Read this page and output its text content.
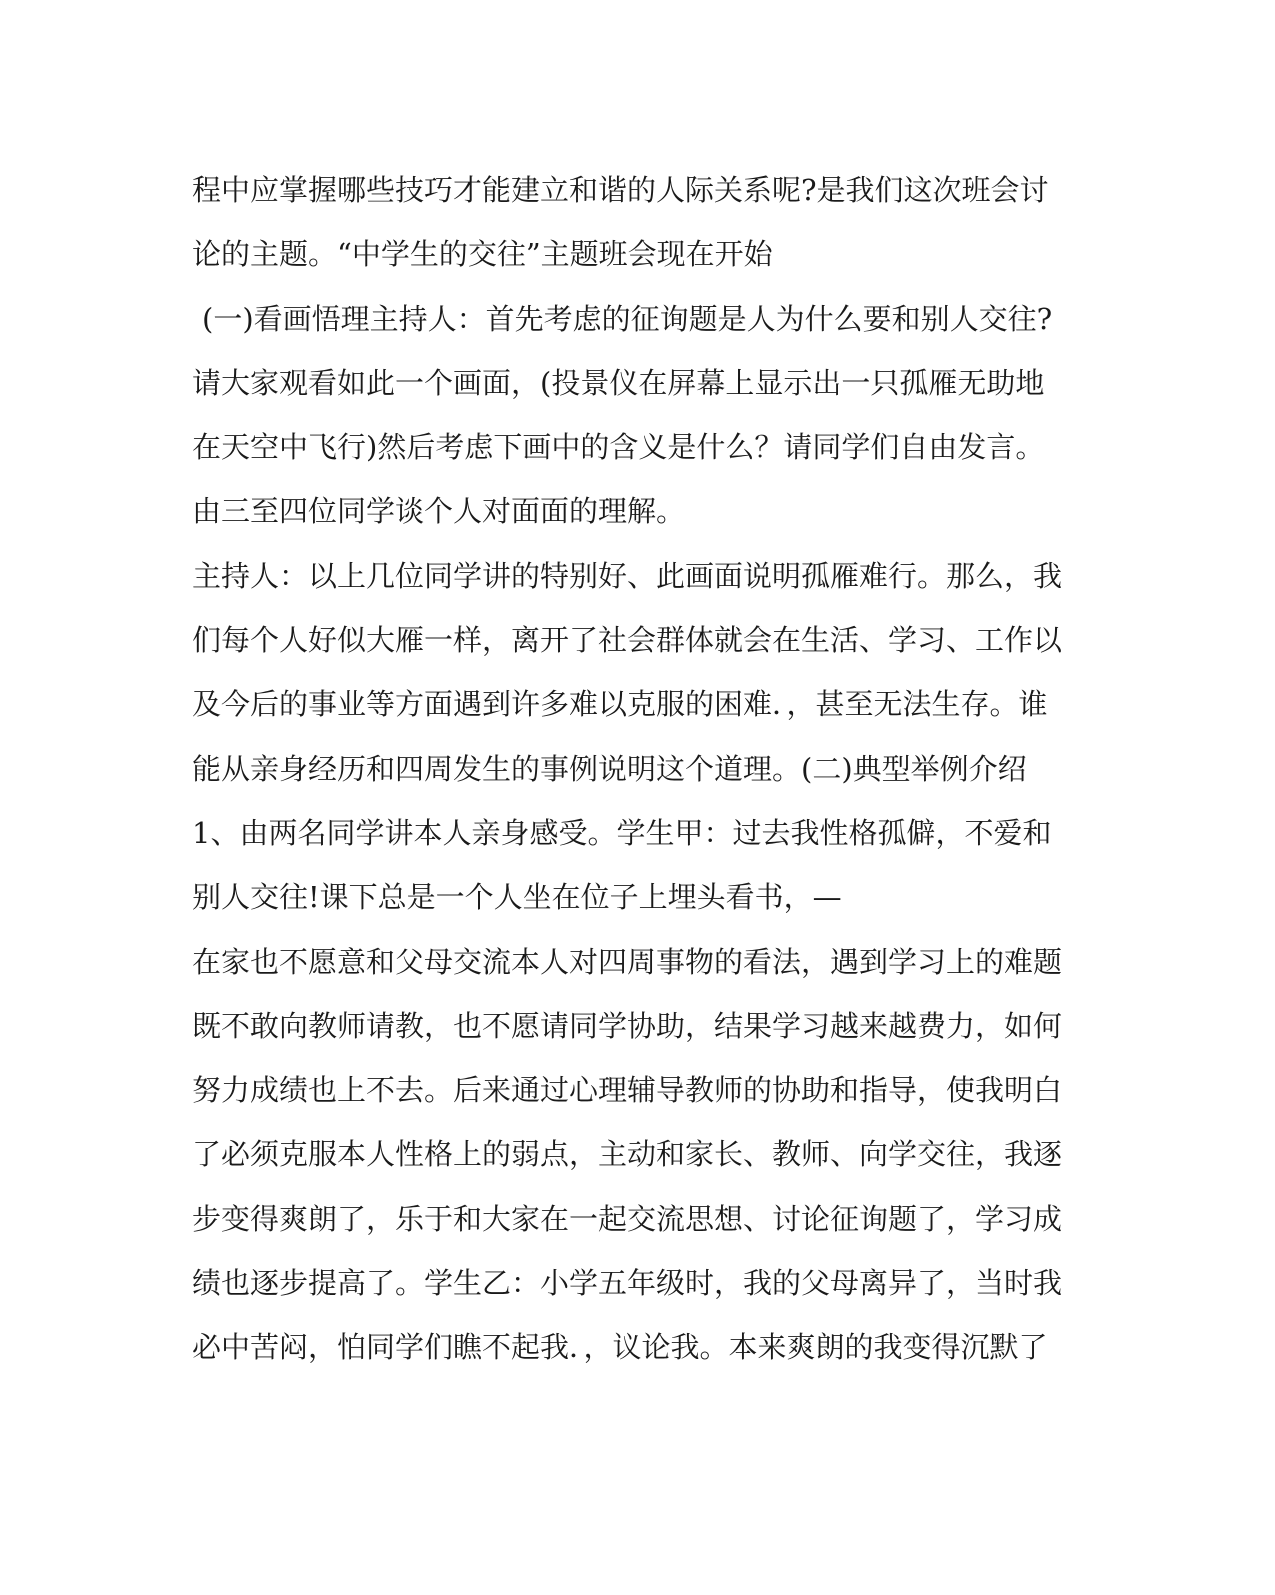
程中应掌握哪些技巧才能建立和谐的人际关系呢?是我们这次班会讨
论的主题。“中学生的交往”主题班会现在开始
(一)看画悟理主持人：首先考虑的征询题是人为什么要和别人交往?
请大家观看如此一个画面，(投景仪在屏幕上显示出一只孤雁无助地
在天空中飞行)然后考虑下画中的含义是什么？请同学们自由发言。
由三至四位同学谈个人对面面的理解。
主持人：以上几位同学讲的特别好、此画面说明孤雁难行。那么，我
们每个人好似大雁一样，离开了社会群体就会在生活、学习、工作以
及今后的事业等方面遇到许多难以克服的困难．，甚至无法生存。谁
能从亲身经历和四周发生的事例说明这个道理。(二)典型举例介绍
1、由两名同学讲本人亲身感受。学生甲：过去我性格孤僻，不爱和
别人交往!课下总是一个人坐在位子上埋头看书，—
在家也不愿意和父母交流本人对四周事物的看法，遇到学习上的难题
既不敢向教师请教，也不愿请同学协助，结果学习越来越费力，如何
努力成绩也上不去。后来通过心理辅导教师的协助和指导，使我明白
了必须克服本人性格上的弱点，主动和家长、教师、向学交往，我逐
步变得爽朗了，乐于和大家在一起交流思想、讨论征询题了，学习成
绩也逐步提高了。学生乙：小学五年级时，我的父母离异了，当时我
必中苦闷，怕同学们瞧不起我．，议论我。本来爽朗的我变得沉默了
